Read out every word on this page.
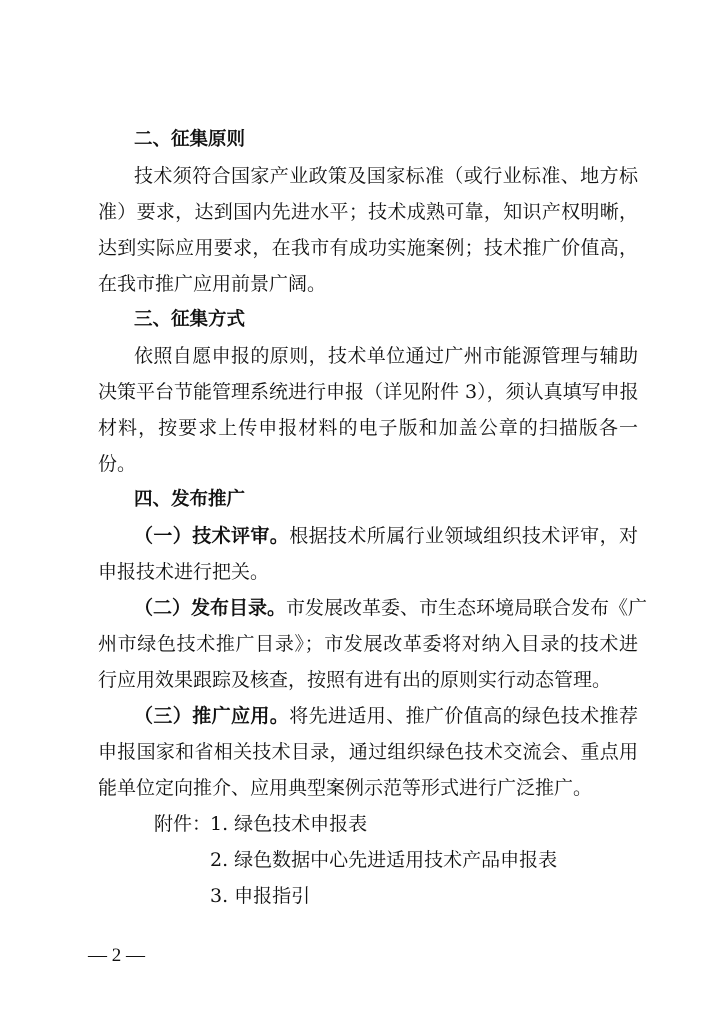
二、征集原则
技术须符合国家产业政策及国家标准（或行业标准、地方标
准）要求，达到国内先进水平；技术成熟可靠，知识产权明晰，
达到实际应用要求，在我市有成功实施案例；技术推广价值高，
在我市推广应用前景广阔。
三、征集方式
依照自愿申报的原则，技术单位通过广州市能源管理与辅助
决策平台节能管理系统进行申报（详见附件 3），须认真填写申报
材料，按要求上传申报材料的电子版和加盖公章的扫描版各一
份。
四、发布推广
（一）技术评审。根据技术所属行业领域组织技术评审，对
申报技术进行把关。
（二）发布目录。市发展改革委、市生态环境局联合发布《广
州市绿色技术推广目录》；市发展改革委将对纳入目录的技术进
行应用效果跟踪及核查，按照有进有出的原则实行动态管理。
（三）推广应用。将先进适用、推广价值高的绿色技术推荐
申报国家和省相关技术目录，通过组织绿色技术交流会、重点用
能单位定向推介、应用典型案例示范等形式进行广泛推广。
附件：
1. 绿色技术申报表
2. 绿色数据中心先进适用技术产品申报表
3. 申报指引
— 2 —
